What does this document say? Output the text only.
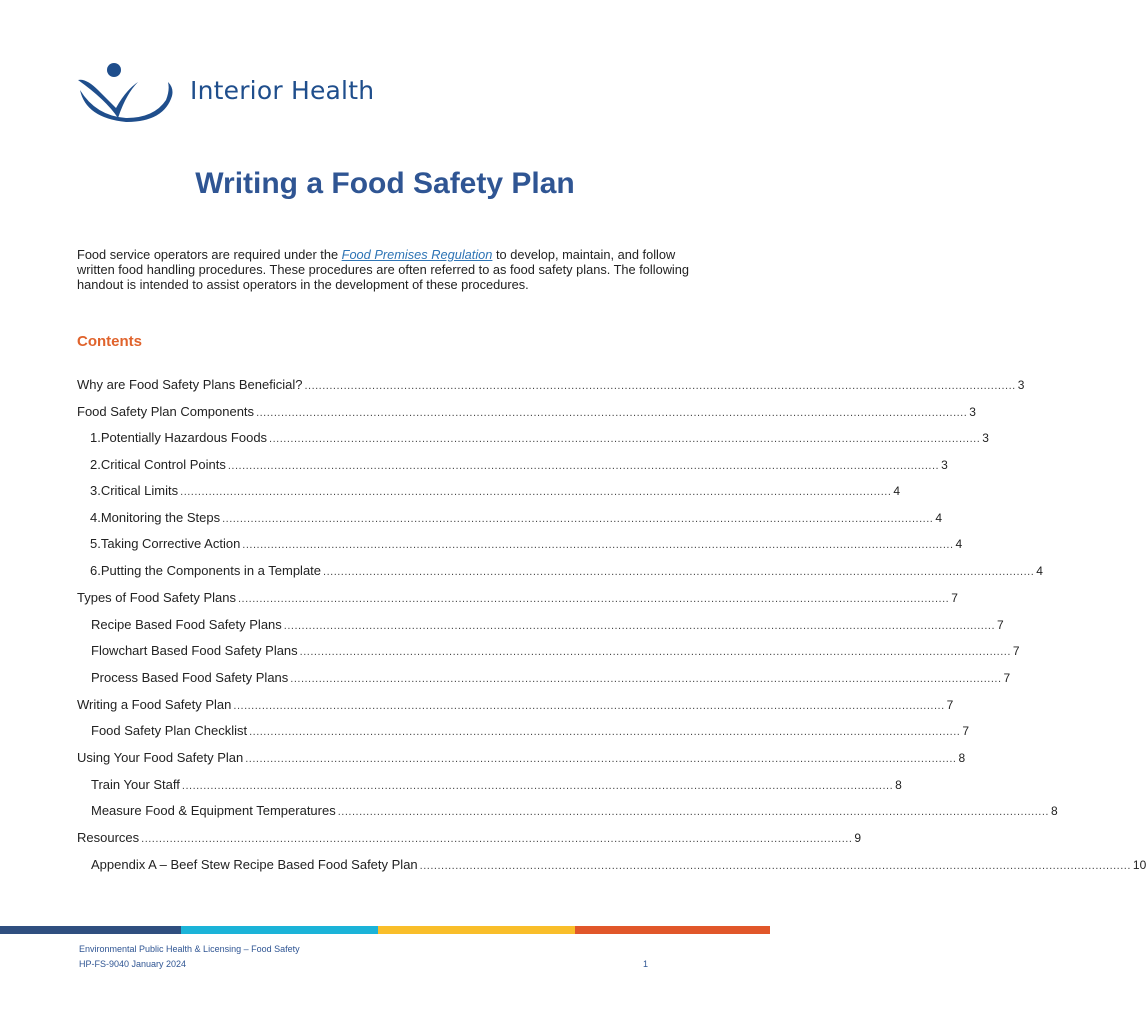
Interior Health
Writing a Food Safety Plan
Food service operators are required under the Food Premises Regulation to develop, maintain, and follow written food handling procedures. These procedures are often referred to as food safety plans. The following handout is intended to assist operators in the development of these procedures.
Contents
Why are Food Safety Plans Beneficial? ........................................................................................................................................................................................................ 3
Food Safety Plan Components ........................................................................................................................................................................................................ 3
1. Potentially Hazardous Foods ........................................................................................................................................................................................................ 3
2. Critical Control Points ........................................................................................................................................................................................................ 3
3. Critical Limits ........................................................................................................................................................................................................ 4
4. Monitoring the Steps ........................................................................................................................................................................................................ 4
5. Taking Corrective Action ........................................................................................................................................................................................................ 4
6. Putting the Components in a Template ........................................................................................................................................................................................................ 4
Types of Food Safety Plans ........................................................................................................................................................................................................ 7
Recipe Based Food Safety Plans ........................................................................................................................................................................................................ 7
Flowchart Based Food Safety Plans ........................................................................................................................................................................................................ 7
Process Based Food Safety Plans ........................................................................................................................................................................................................ 7
Writing a Food Safety Plan ........................................................................................................................................................................................................ 7
Food Safety Plan Checklist ........................................................................................................................................................................................................ 7
Using Your Food Safety Plan ........................................................................................................................................................................................................ 8
Train Your Staff ........................................................................................................................................................................................................ 8
Measure Food & Equipment Temperatures ........................................................................................................................................................................................................ 8
Resources ........................................................................................................................................................................................................ 9
Appendix A – Beef Stew Recipe Based Food Safety Plan ........................................................................................................................................................................................................ 10
Environmental Public Health & Licensing – Food Safety
HP-FS-9040 January 2024	1
